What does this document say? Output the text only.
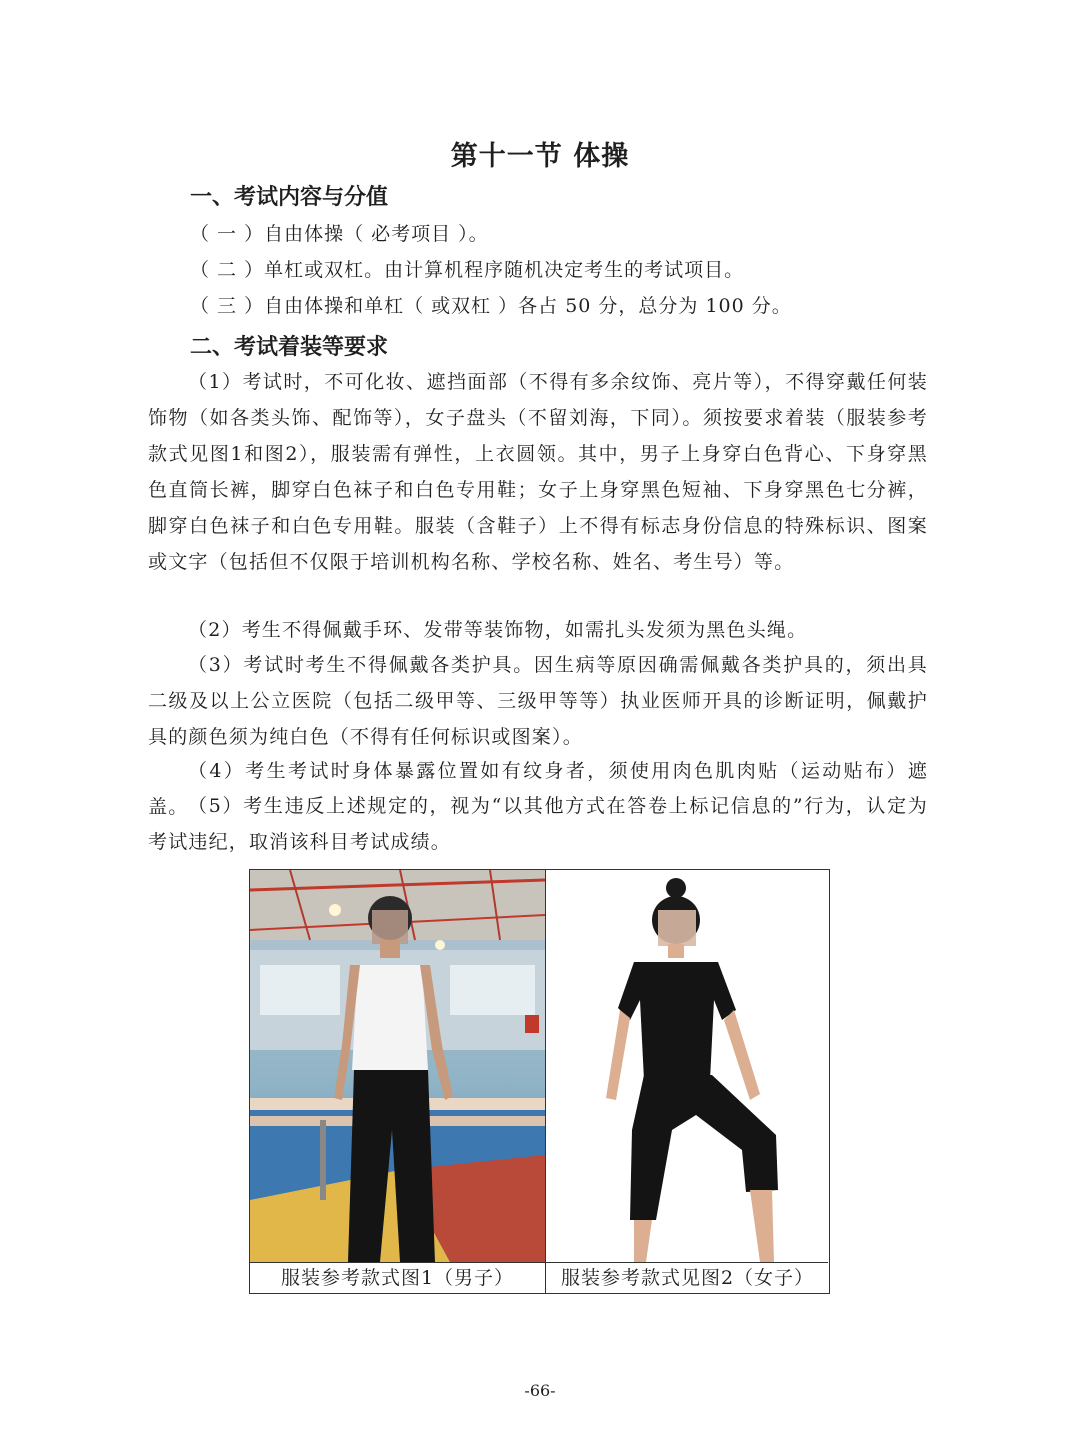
第十一节 体操
一、考试内容与分值
（ 一 ）自由体操（ 必考项目 ）。
（ 二 ）单杠或双杠。由计算机程序随机决定考生的考试项目。
（ 三 ）自由体操和单杠（ 或双杠 ）各占 50 分，总分为 100 分。
二、考试着装等要求
（1）考试时，不可化妆、遮挡面部（不得有多余纹饰、亮片等），不得穿戴任何装饰物（如各类头饰、配饰等），女子盘头（不留刘海，下同）。须按要求着装（服装参考款式见图1和图2），服装需有弹性，上衣圆领。其中，男子上身穿白色背心、下身穿黑色直筒长裤，脚穿白色袜子和白色专用鞋；女子上身穿黑色短袖、下身穿黑色七分裤，脚穿白色袜子和白色专用鞋。服装（含鞋子）上不得有标志身份信息的特殊标识、图案或文字（包括但不仅限于培训机构名称、学校名称、姓名、考生号）等。
（2）考生不得佩戴手环、发带等装饰物，如需扎头发须为黑色头绳。
（3）考试时考生不得佩戴各类护具。因生病等原因确需佩戴各类护具的，须出具二级及以上公立医院（包括二级甲等、三级甲等等）执业医师开具的诊断证明，佩戴护具的颜色须为纯白色（不得有任何标识或图案）。
（4）考生考试时身体暴露位置如有纹身者，须使用肉色肌肉贴（运动贴布）遮盖。 （5）考生违反上述规定的，视为“以其他方式在答卷上标记信息的”行为，认定为考试违纪，取消该科目考试成绩。
服装参考款式图1（男子）	服装参考款式见图2（女子）
-66-
